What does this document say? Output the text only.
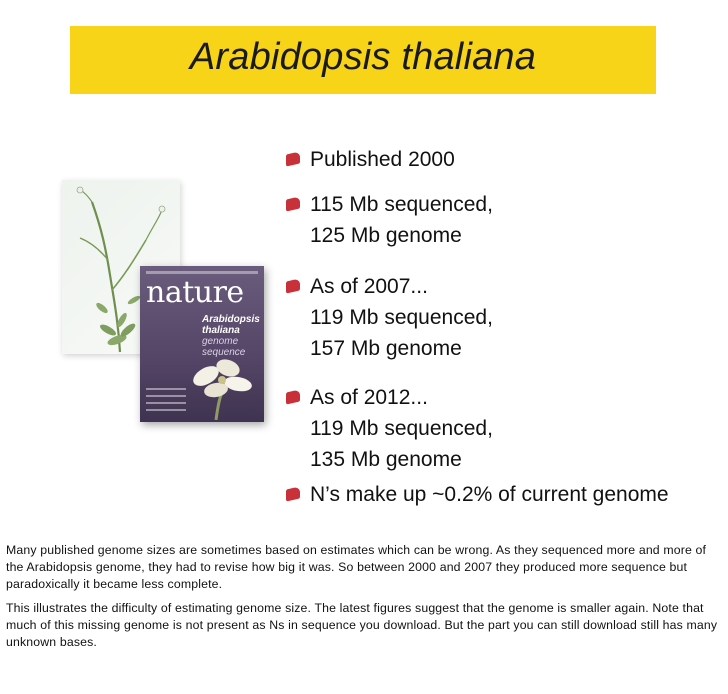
Arabidopsis thaliana
nature
Arabidopsis
thaliana
genome
sequence
Published 2000
115 Mb sequenced,
125 Mb genome
As of 2007...
119 Mb sequenced,
157 Mb genome
As of 2012...
119 Mb sequenced,
135 Mb genome
N’s make up ~0.2% of current genome

Many published genome sizes are sometimes based on estimates which can be wrong. As they sequenced more and more of the Arabidopsis genome, they had to revise how big it was. So between 2000 and 2007 they produced more sequence but paradoxically it became less complete.

This illustrates the difficulty of estimating genome size. The latest figures suggest that the genome is smaller again. Note that much of this missing genome is not present as Ns in sequence you download. But the part you can still download still has many unknown bases.
